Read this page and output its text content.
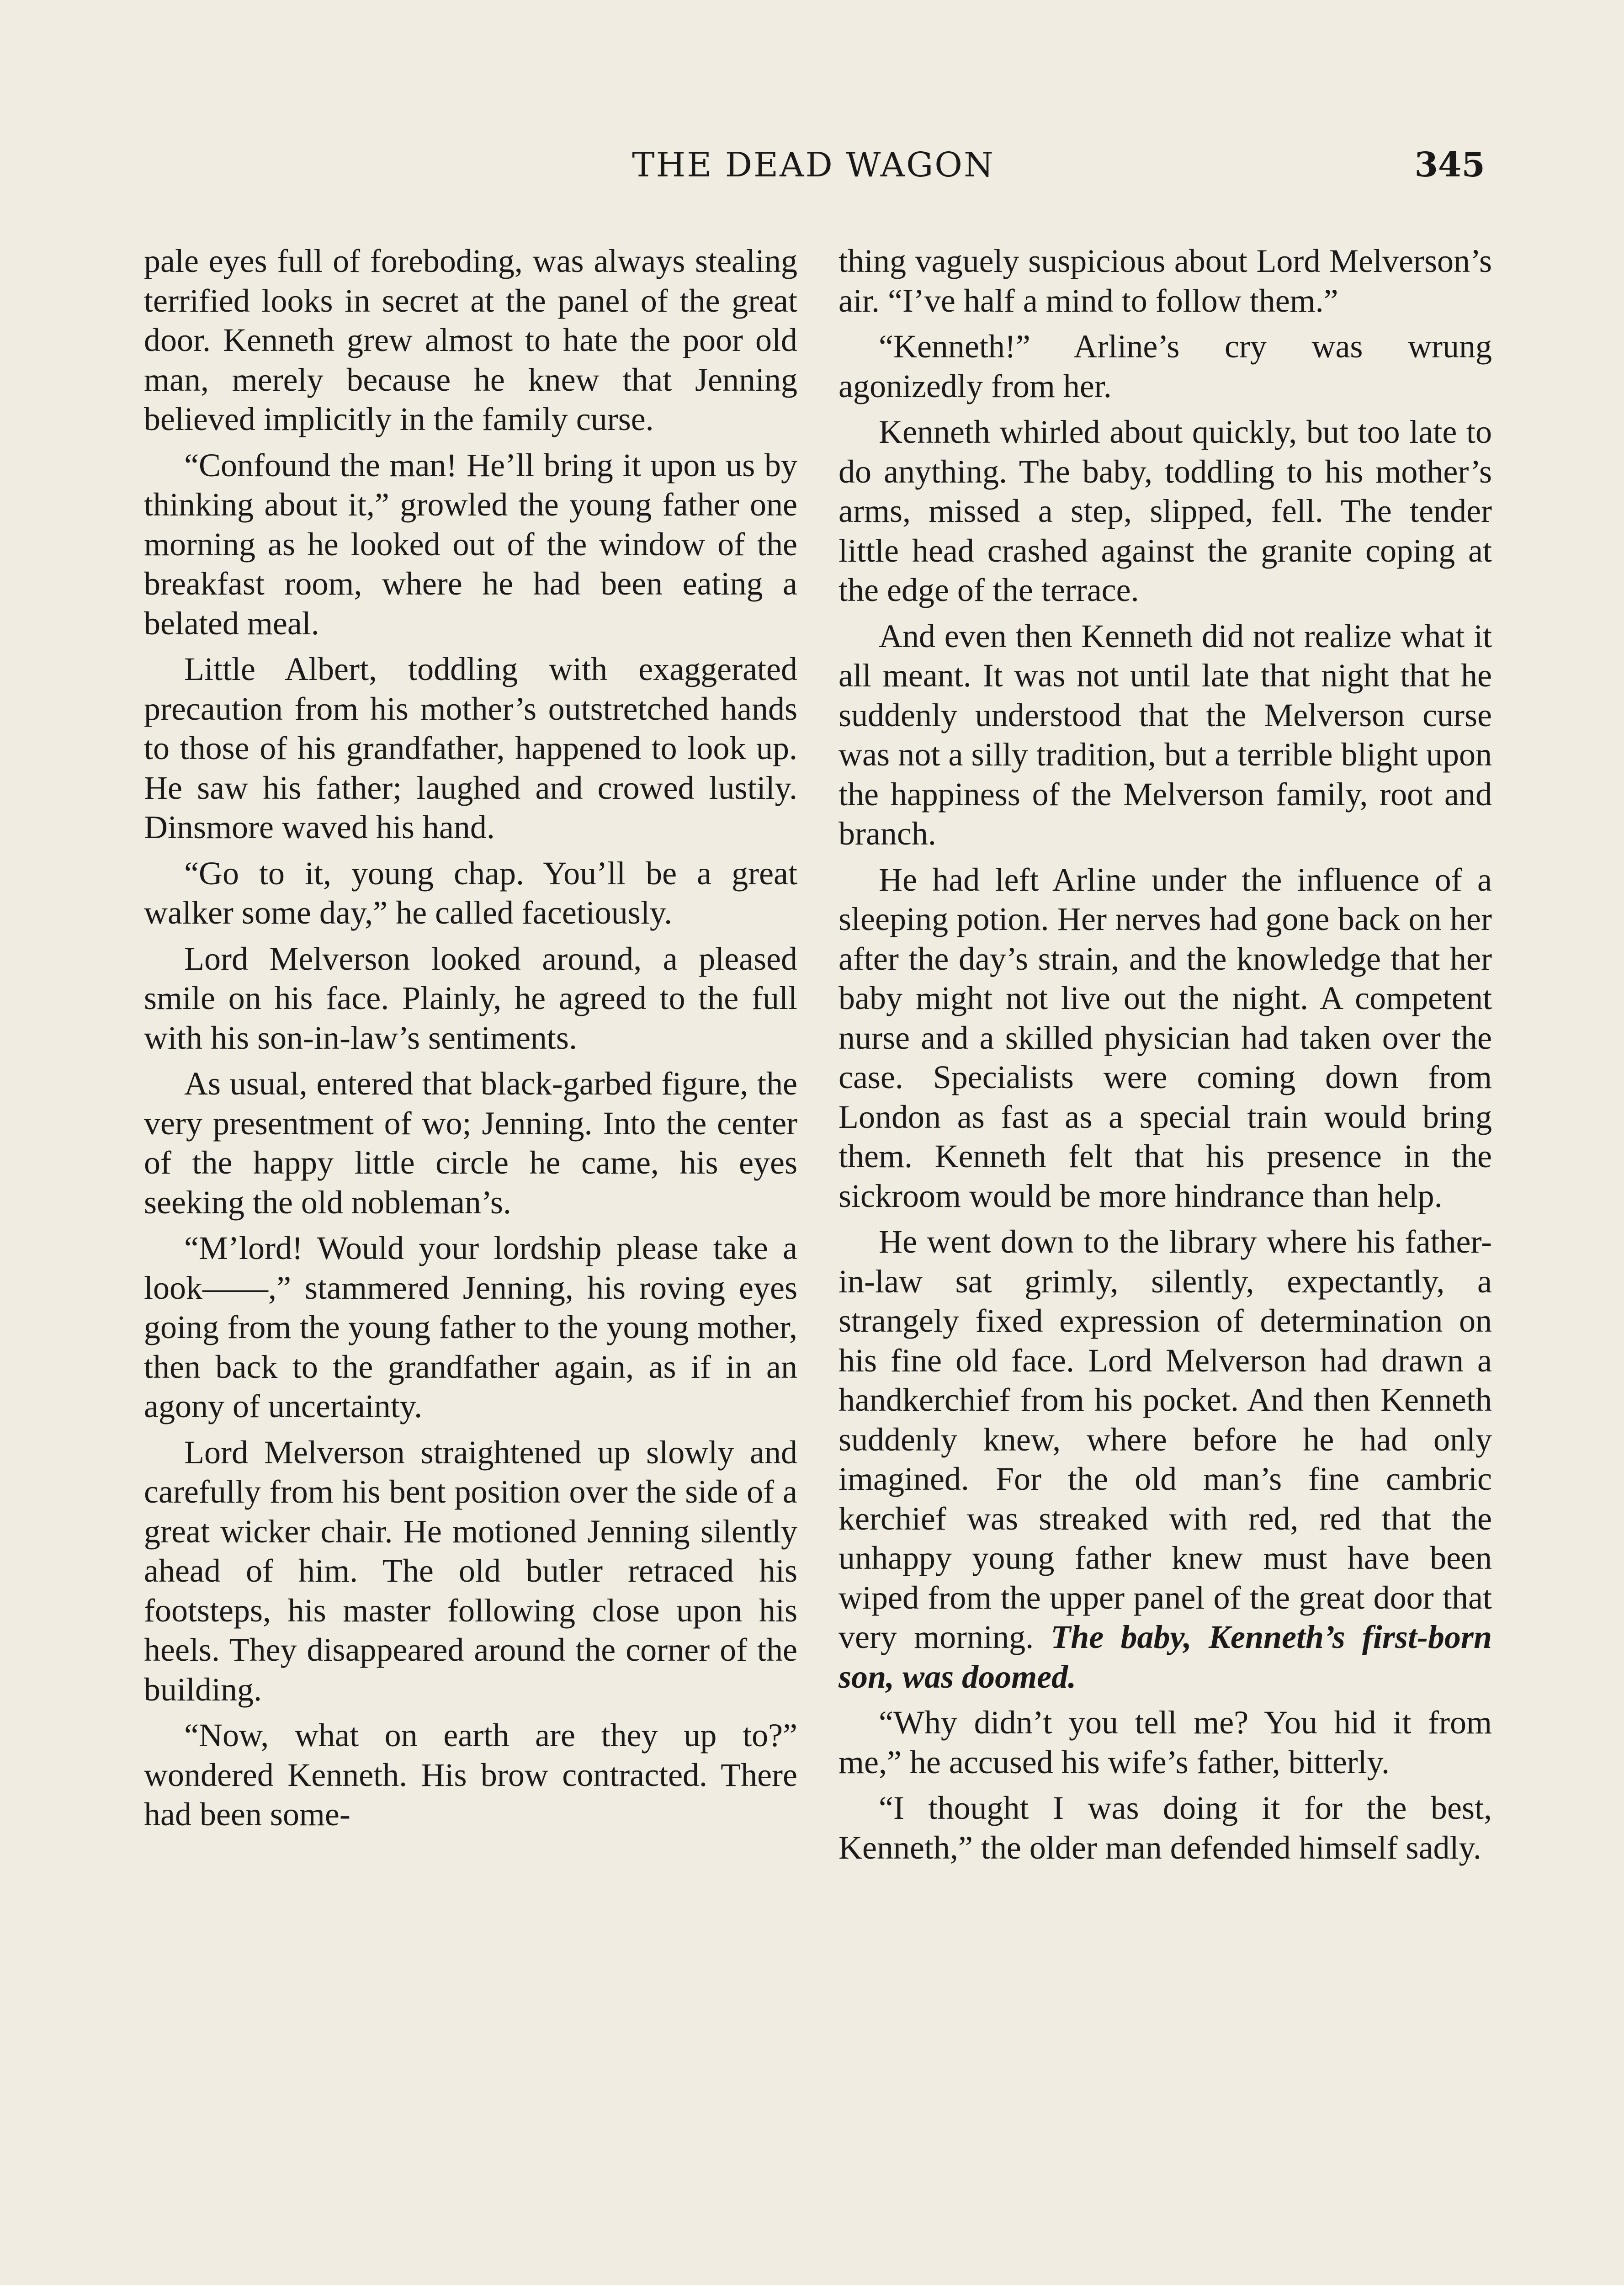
THE DEAD WAGON	345

pale eyes full of foreboding, was always stealing terrified looks in secret at the panel of the great door. Kenneth grew almost to hate the poor old man, merely because he knew that Jenning believed implicitly in the family curse.

“Confound the man! He’ll bring it upon us by thinking about it,” growled the young father one morning as he looked out of the window of the breakfast room, where he had been eating a belated meal.

Little Albert, toddling with exaggerated precaution from his mother’s outstretched hands to those of his grandfather, happened to look up. He saw his father; laughed and crowed lustily. Dinsmore waved his hand.

“Go to it, young chap. You’ll be a great walker some day,” he called facetiously.

Lord Melverson looked around, a pleased smile on his face. Plainly, he agreed to the full with his son-in-law’s sentiments.

As usual, entered that black-garbed figure, the very presentment of wo; Jenning. Into the center of the happy little circle he came, his eyes seeking the old nobleman’s.

“M’lord! Would your lordship please take a look——,” stammered Jenning, his roving eyes going from the young father to the young mother, then back to the grandfather again, as if in an agony of uncertainty.

Lord Melverson straightened up slowly and carefully from his bent position over the side of a great wicker chair. He motioned Jenning silently ahead of him. The old butler retraced his footsteps, his master following close upon his heels. They disappeared around the corner of the building.

“Now, what on earth are they up to?” wondered Kenneth. His brow contracted. There had been some-

thing vaguely suspicious about Lord Melverson’s air. “I’ve half a mind to follow them.”

“Kenneth!” Arline’s cry was wrung agonizedly from her.

Kenneth whirled about quickly, but too late to do anything. The baby, toddling to his mother’s arms, missed a step, slipped, fell. The tender little head crashed against the granite coping at the edge of the terrace.

And even then Kenneth did not realize what it all meant. It was not until late that night that he suddenly understood that the Melverson curse was not a silly tradition, but a terrible blight upon the happiness of the Melverson family, root and branch.

He had left Arline under the influence of a sleeping potion. Her nerves had gone back on her after the day’s strain, and the knowledge that her baby might not live out the night. A competent nurse and a skilled physician had taken over the case. Specialists were coming down from London as fast as a special train would bring them. Kenneth felt that his presence in the sickroom would be more hindrance than help.

He went down to the library where his father-in-law sat grimly, silently, expectantly, a strangely fixed expression of determination on his fine old face. Lord Melverson had drawn a handkerchief from his pocket. And then Kenneth suddenly knew, where before he had only imagined. For the old man’s fine cambric kerchief was streaked with red, red that the unhappy young father knew must have been wiped from the upper panel of the great door that very morning. The baby, Kenneth’s first-born son, was doomed.

“Why didn’t you tell me? You hid it from me,” he accused his wife’s father, bitterly.

“I thought I was doing it for the best, Kenneth,” the older man defended himself sadly.
